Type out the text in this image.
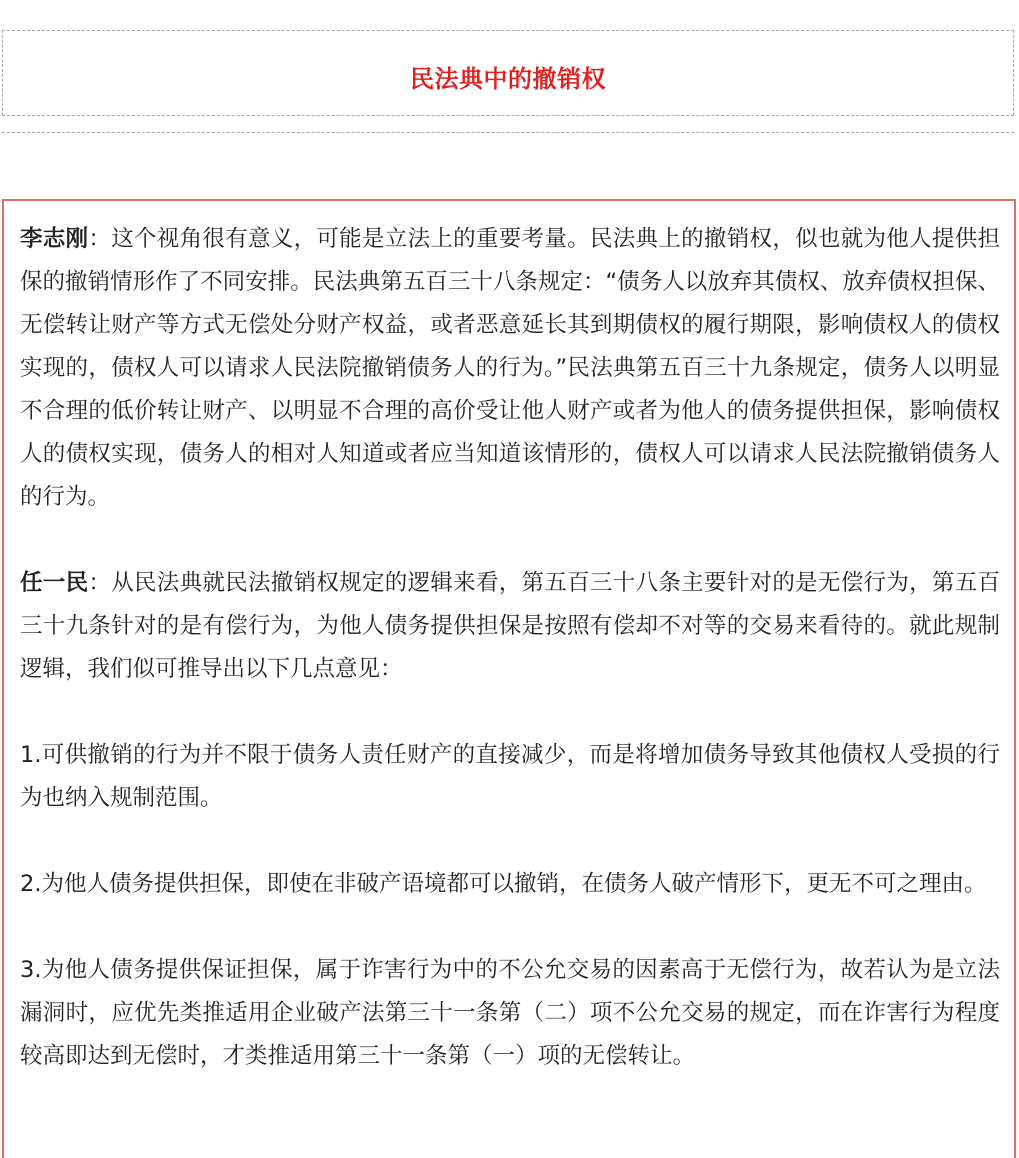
民法典中的撤销权

李志刚：这个视角很有意义，可能是立法上的重要考量。民法典上的撤销权，似也就为他人提供担保的撤销情形作了不同安排。民法典第五百三十八条规定：“债务人以放弃其债权、放弃债权担保、无偿转让财产等方式无偿处分财产权益，或者恶意延长其到期债权的履行期限，影响债权人的债权实现的，债权人可以请求人民法院撤销债务人的行为。”民法典第五百三十九条规定，债务人以明显不合理的低价转让财产、以明显不合理的高价受让他人财产或者为他人的债务提供担保，影响债权人的债权实现，债务人的相对人知道或者应当知道该情形的，债权人可以请求人民法院撤销债务人的行为。

任一民：从民法典就民法撤销权规定的逻辑来看，第五百三十八条主要针对的是无偿行为，第五百三十九条针对的是有偿行为，为他人债务提供担保是按照有偿却不对等的交易来看待的。就此规制逻辑，我们似可推导出以下几点意见：

1.可供撤销的行为并不限于债务人责任财产的直接减少，而是将增加债务导致其他债权人受损的行为也纳入规制范围。

2.为他人债务提供担保，即使在非破产语境都可以撤销，在债务人破产情形下，更无不可之理由。

3.为他人债务提供保证担保，属于诈害行为中的不公允交易的因素高于无偿行为，故若认为是立法漏洞时，应优先类推适用企业破产法第三十一条第（二）项不公允交易的规定，而在诈害行为程度较高即达到无偿时，才类推适用第三十一条第（一）项的无偿转让。
